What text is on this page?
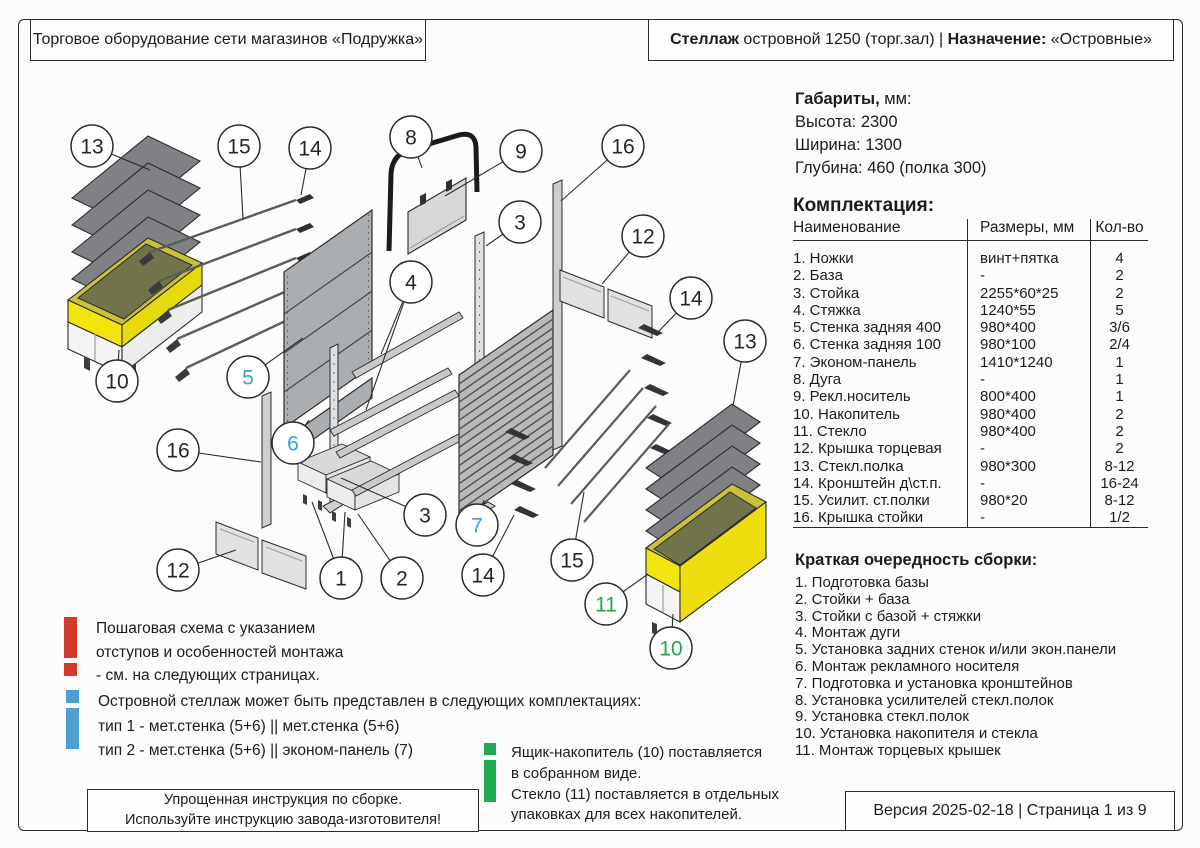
Торговое оборудование сети магазинов «Подружка»	Стеллаж островной 1250 (торг.зал) | Назначение: «Островные»
13	15 14	8
9	16
3
12
4
14
13
5
10
6
16
3 7
12	1 2	14
15
11
10
Габариты, мм:
Высота: 2300
Ширина: 1300
Глубина: 460 (полка 300)
Комплектация:
Наименование	Размеры, мм	Кол-во
1. Ножки	винт+пятка	4
2. База	-	2
3. Стойка	2255*60*25	2
4. Стяжка	1240*55	5
5. Стенка задняя 400	980*400	3/6
6. Стенка задняя 100	980*100	2/4
7. Эконом-панель	1410*1240	1
8. Дуга	-	1
9. Рекл.носитель	800*400	1
10. Накопитель	980*400	2
11. Стекло	980*400	2
12. Крышка торцевая	-	2
13. Стекл.полка	980*300	8-12
14. Кронштейн д\ст.п.	-	16-24
15. Усилит. ст.полки	980*20	8-12
16. Крышка стойки	-	1/2
Краткая очередность сборки:
1. Подготовка базы
2. Стойки + база
3. Стойки с базой + стяжки
4. Монтаж дуги
5. Установка задних стенок и/или экон.панели
6. Монтаж рекламного носителя
7. Подготовка и установка кронштейнов
8. Установка усилителей стекл.полок
9. Установка стекл.полок
10. Установка накопителя и стекла
11. Монтаж торцевых крышек
Пошаговая схема с указанием
отступов и особенностей монтажа
- см. на следующих страницах.
Островной стеллаж может быть представлен в следующих комплектациях:
тип 1 - мет.стенка (5+6) || мет.стенка (5+6)
тип 2 - мет.стенка (5+6) || эконом-панель (7)	Ящик-накопитель (10) поставляется
в собранном виде.
Стекло (11) поставляется в отдельных
упаковках для всех накопителей.
Упрощенная инструкция по сборке.
Используйте инструкцию завода-изготовителя!
Версия 2025-02-18 | Страница 1 из 9
